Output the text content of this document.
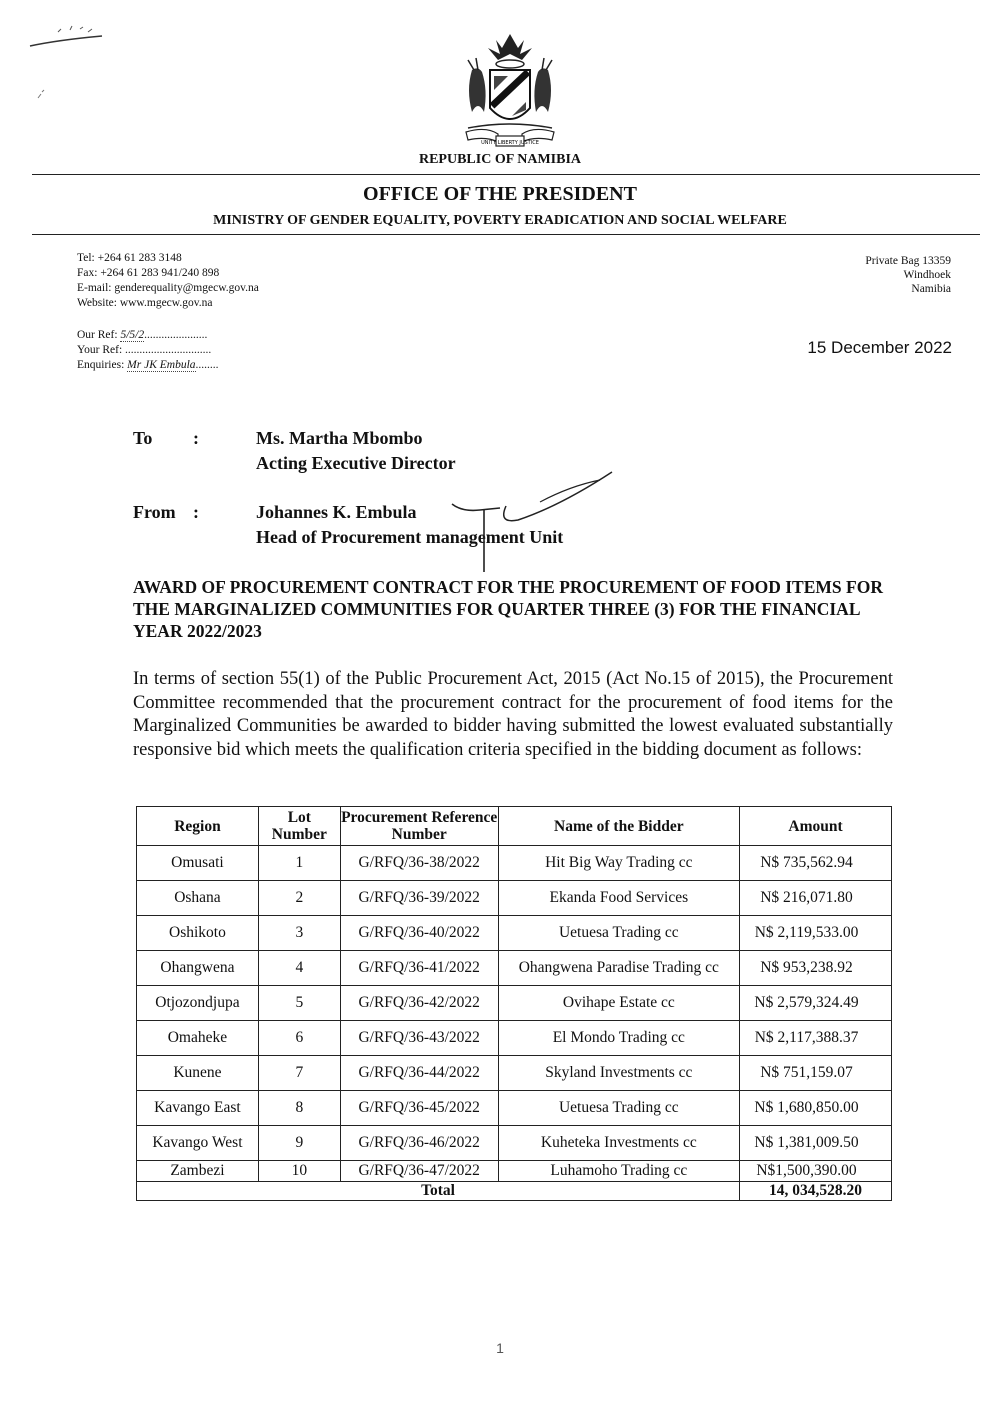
UNITY LIBERTY JUSTICE
REPUBLIC OF NAMIBIA
OFFICE OF THE PRESIDENT
MINISTRY OF GENDER EQUALITY, POVERTY ERADICATION AND SOCIAL WELFARE
Tel: +264 61 283 3148
Fax: +264 61 283 941/240 898
E-mail: genderequality@mgecw.gov.na
Website: www.mgecw.gov.na
Private Bag 13359
Windhoek
Namibia
Our Ref: 5/5/2......................
Your Ref: ..............................
Enquiries: Mr JK Embula........
15 December 2022
To :	Ms. Martha Mbombo
Acting Executive Director
From :	Johannes K. Embula
Head of Procurement management Unit
AWARD OF PROCUREMENT CONTRACT FOR THE PROCUREMENT OF FOOD ITEMS FOR THE MARGINALIZED COMMUNITIES FOR QUARTER THREE (3) FOR THE FINANCIAL YEAR 2022/2023
In terms of section 55(1) of the Public Procurement Act, 2015 (Act No.15 of 2015), the Procurement Committee recommended that the procurement contract for the procurement of food items for the Marginalized Communities be awarded to bidder having submitted the lowest evaluated substantially responsive bid which meets the qualification criteria specified in the bidding document as follows:
Region	Lot Number	Procurement Reference Number	Name of the Bidder	Amount
Omusati	1	G/RFQ/36-38/2022	Hit Big Way Trading cc	N$ 735,562.94
Oshana	2	G/RFQ/36-39/2022	Ekanda Food Services	N$ 216,071.80
Oshikoto	3	G/RFQ/36-40/2022	Uetuesa Trading cc	N$ 2,119,533.00
Ohangwena	4	G/RFQ/36-41/2022	Ohangwena Paradise Trading cc	N$ 953,238.92
Otjozondjupa	5	G/RFQ/36-42/2022	Ovihape Estate cc	N$ 2,579,324.49
Omaheke	6	G/RFQ/36-43/2022	El Mondo Trading cc	N$ 2,117,388.37
Kunene	7	G/RFQ/36-44/2022	Skyland Investments cc	N$ 751,159.07
Kavango East	8	G/RFQ/36-45/2022	Uetuesa Trading cc	N$ 1,680,850.00
Kavango West	9	G/RFQ/36-46/2022	Kuheteka Investments cc	N$ 1,381,009.50
Zambezi	10	G/RFQ/36-47/2022	Luhamoho Trading cc	N$1,500,390.00
Total				14, 034,528.20
1
